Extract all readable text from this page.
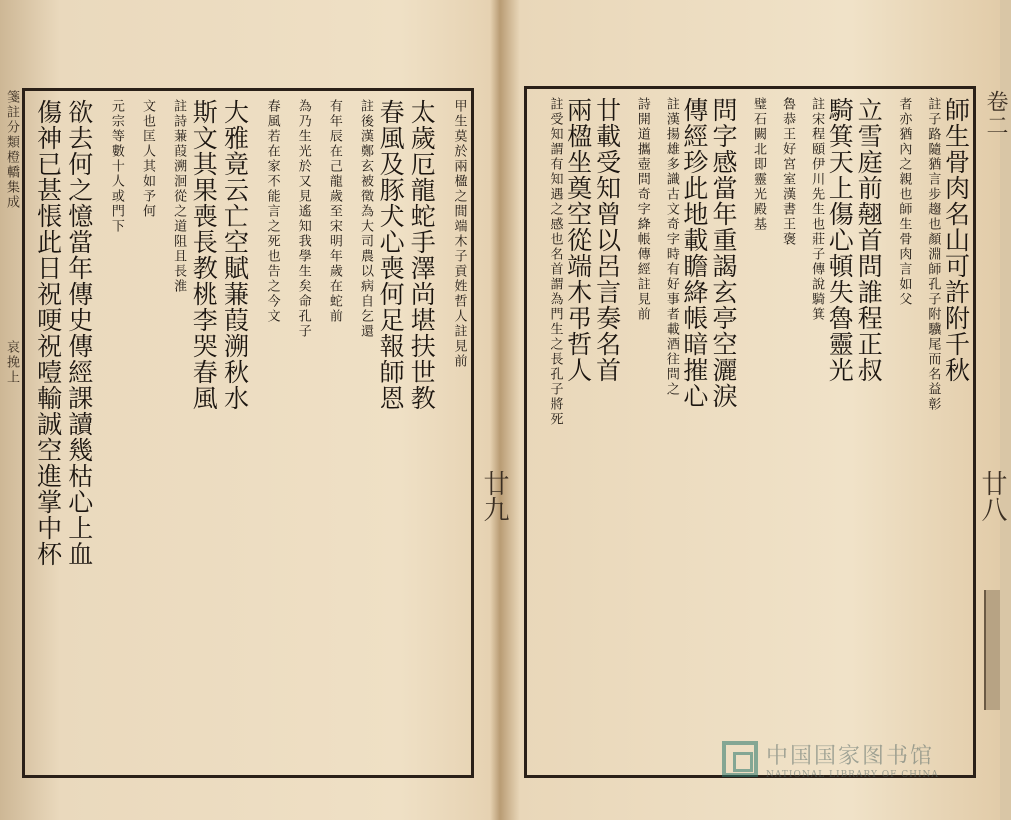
箋註分類橙轎集成
哀挽上	甲生莫於兩楹之間端木子貢姓哲人註見前
太歲厄龍蛇手澤尚堪扶世教
春風及豚犬心喪何足報師恩
註後漢鄭玄被徵為大司農以病自乞還
有年辰在己龍歲至宋明年歲在蛇前
為乃生光於又見遙知我學生矣命孔子
春風若在家不能言之死也告之今文
大雅竟云亡空賦蒹葭溯秋水
斯文其果喪長教桃李哭春風
註詩蒹葭溯洄從之道阻且長淮
文也匡人其如予何
元宗等數十人或門下
欲去何之憶當年傳史傳經課讀幾枯心上血
傷神已甚悵此日祝哽祝噎輸誠空進掌中杯	廿九
師生骨肉名山可許附千秋
註子路隨猶言步趨也顏淵師孔子附驥尾而名益彰
者亦猶內之親也師生骨肉言如父
立雪庭前翹首問誰程正叔
騎箕天上傷心頓失魯靈光
註宋程頤伊川先生也莊子傳說騎箕
魯恭王好宮室漢書王褒
璧石闕北即靈光殿基
問字感當年重謁玄亭空灑淚
傳經珍此地載瞻絳帳暗摧心
註漢揚雄多識古文奇字時有好事者載酒往問之
詩開道攜壺問奇字絳帳傳經註見前
廿載受知曾以呂言奏名首
兩楹坐奠空從端木弔哲人
註受知謂有知遇之感也名首謂為門生之長孔子將死	卷二
廿八
中国国家图书馆
NATIONAL LIBRARY OF CHINA
